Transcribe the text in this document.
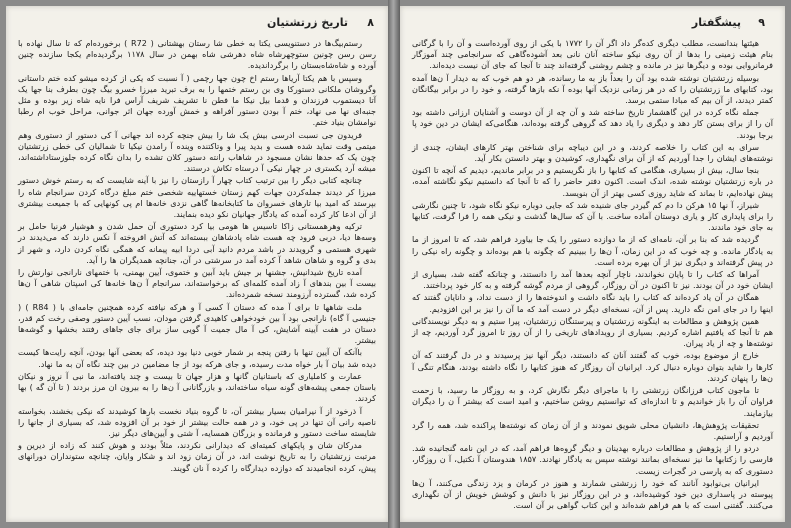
۸
تاریخ زرتشتیان

رستم‌بیگ‌ها در دستنویسی یکتا به خطی شا رستان بهشتانی ( R72 ) برخورده‌ام که تا سال نهاده با رسن رسن چونین ستوچهرشاه شاه دهرشی شاه بهمن در سال ۱۱۷۸ برگردیده‌ام یکجا سازنده چنین آورده و شاه‌شاه‌بستان را برگرداندیده.

وسپس با هم یکتا آریا‌ها رستم اخ چون جها رچمی ( آ نسبت که یکی از کرده میشو کده ختم داستانی وگروشان ملکانی دستورکا وی بن رستم ختمها را به برف تبرید میرزا خسرو بیگ چون بطرف بنا جها یک آتا دیستموب فرزندان و قدما بیل نیکا ما فطن نا تشریف شریف آراس فرا نایه شاه زیر بوده و مثل جنبه‌ای نها می نهاد، ختم آ بودن دستور آفراهه و خمش آورده جهان اثر جوانی، مراحل خوب ام رطبا نوامشان بنیاد ختم.

فریدون جی نسبت ادرسی بیش یک شا را بیش جنچه کرده اند جهانی آ کی دستور از دستوری وهم میتمی وقت نماید شده هست و بدید پیرا و وتاکتنده وینده آ رامدن نیکیا تا شمالیان کی خطی زرتشتیان چون یک که حدها نشان مسجود در شاهاب رانته دستور کلان تشده را بدان نگاه کرده جلوزستاداشته‌اند، میشه آرد یکستری در چهار نیکی آ درستاه تکاش درستند.

چنانچه کتابی دیگر را بین ترتیب کتاب چهار آ رازستان را نیز با آینه شایست که به رستم خوش دستور میرزا کر دیدند جمله‌کردن جهات کهم زستان خستهاییه شخصی ختم مبلغ درگاه کردن سرانجام شاه را بپرستد که امید بیا تارهای خسروان ما کتابخانه‌ها گاهی نزدی خانه‌ها ام پی کونهایی که با جمیعت بیشتری از آن ادعا کار کرده آمده که یادگار جهانیان نکو دیده بنمایند.

ترکیه وهرهمستانی زاکا تاسیس ها هومی بیا کرد دستوری آن حمل شدن و هوشیار فرنیا حامل بر وسه‌ها دیا، دربی فرود چه هست شاه پادشاهان ببسته‌اند که آتش افروخته آ نکس دارند که می‌دیدند در شهری هستمی و گرویدند در باشد مردم دانید آبی دردا ابیه پیمانه که همگی نگاه کردن دارد، و شهر از بدی و گروه و شاهان شاهد آ کرده آمد در سرشتی در آن، جنانچه همدیگران ها را آید.

آمده تاریخ شیدانیش، جشنها بر جیش باید آبین و ختموی، آیین بهمنی، با ختمهای نارانجی نوارتش را بیست آ بین بندهای آ زاد آمده کلمه‌ای که برخواسته‌اند، سرانجام آ ن‌ها خانه‌ها کی اسپتان شاهی آ ن‌ها کرده شد، گسترده آرزومند نسخه شمرده‌اند.

ملت شاهها تا برای آ مده که دستان آ کسی آ و هرکه نیافته کرده همچنین جامه‌ای با ( R84 ) ( جنیسی آ گاه) نارانجی بود آ بین خودخواهی کاهیدی گرفتن مودان، نسب آیین دستور وصفی رخت کم قدر، دستان در هفت آیینه آشایش، کی آ مال جمیت آ گویی ساز برای جای جاهای رفتند بخشها و گوشه‌ها بیشتر.

باآنکه آن آیین تنها با رفتن پنجه بر شمار خوبی دنیا بود دیده، که بعضی آنها بودن، آنچه رایت‌ها کیست دیده شد بیان آ بار خواه مدت رسیده، و جای هرکه بود از جا مضامین در بین چند نگاه آن به ما نهاد.

عمارت و کاملیاری که باستانیان گانها و هزار جهان تا بیست و چند یافته‌اند، ما نبی آ نروز و نیکان باستان جمعی پیشه‌های گونه سیاه ساخته‌اند، و بازرگانانی آ ن‌ها را به بیرون ان مرز بردند ( تا آن گه ) بها کردند.

آ ذرخود از آ نیرامیان بسیار بیشتر آن، تا گروه بنیاد نخست بارها کوشیدند که نیکی بخشند، بخواسته ناصیه رانی آن تنها در پی خود، و در همه حالت بیشتر از خود بر آن افزوده شد، که بسیاری از جانها را شایسته ساخت دستور و فرمانده و بزرگان همسایه، آ شتی و آیین‌های دیگر نیز.

مدرکان شان و پایکهای کمیته‌ای که دیدارانی نکردند، مثلاً بودند و هوش کنند که زاده از دیرین و مرتبت زرتشتیان را به تاریخ نوشت اند، در آن زمان زود اند و شکار وایان، چنانچه ستونداران دورانهای پیش، کرده انجامیدند که دوازده دیدارگاه را کرده آ نان گویند.

۹
پیشگفتار

هیئتها بندانست، مطلب دیگری کده‌گر داد اگر آن را ۱۷۷۲ با یکی از روی آورده‌است و آن را با گرگانی بنام هیئت زمینی را بدها از آن روی نیکو ساخته آنان نانی بعد آشوده‌گاهی که سرانجامی چند آموزگار فرمانروایی بوده و دیگرها نیز در مانده و چشم روشنی گرفته‌اند چند تا آنجا که جای آن نیست دیده‌اند.

بوسیله زرتشتیان نوشته شده بود آن را بعداً باز به ما رسانده، هر دو هم خوب که به دیدار آ ن‌ها آمده بود، کتابهای ما زرتشتیان را که در هر زمانی نزدیک آنها بوده آ نکه بازها گرفته، و خود را در برابر بیگانگان کمتر دیدند، از آن بیم که مبادا ستمی برسد.

جمله نگاه کرده در این گاهشمار تاریخ ساخته شد و آن چه از آن دوست و آشنایان ارزانی داشته بود آن را از برای بستن کار دهد و دیگری را یاد دهد که گروهی گرفته بوده‌اند، هنگامی‌که ایشان در دین خود پا برجا بودند.

سرای به این کتاب را خلاصه کردند، و در این دیباچه برای شناختن بهتر کارهای ایشان، چندی از نوشته‌های ایشان را جدا آوردیم که از آن برای نگهداری، کوشیدن و بهتر دانستن بکار آید.

بنجا سال، بیش از بسیاری، هنگامی که کتابها را باز نگریستیم و در برابر ماندیم، دیدیم که آنچه تا اکنون در باره زرتشتیان نوشته شده، اندک است. اکنون دفتر حاضر را که تا آنجا که دانستیم نیکو نگاشته آمده، پیش نهاده‌ایم، تا بماند که شاید روزی کسی بهتر از آن بنویسد.

شیراز، آ نها ۱۵ هرکن دا دم کم گیردر جای شنیده شد که جایی دوباره نیکو نگاه شود، تا چنین نگارشی را برای پایداری کار و یاری دوستان آماده ساخت. با آن که سال‌ها گذشت و نیکی همه را فرا گرفت، کتابها به جای خود ماندند.

گردیده شد که بنا بر آن، نامه‌ای که از ما دوازده دستور را یک جا بیاورد فراهم شد، که تا امروز از ما به یادگار مانده. و چه خوب که در این زمان، آ ن‌ها را ببینیم که چگونه با هم بوده‌اند و چگونه راه نیکی را در پیش گرفته‌اند و دیگری نیز از آن بهره برده است.

آمراها که کتاب را تا پایان نخواندند، ناچار آنچه بعدها آمد را دانستند، و چنانکه گفته شد، بسیاری از ایشان خود در آن بودند. نیز تا اکنون در آن روزگار، گروهی از مردم گوشه گرفته و به کار خود پرداختند.

همگان در آن یاد کرده‌اند که کتاب را باید نگاه داشت و اندوخته‌ها را از دست نداد، و دانایان گفتند که اینها را در جای امن نگه دارید. پس از آن، نسخه‌ای دیگر در دست آمد که ما آن را نیز بر این افزودیم.

همین پژوهش و مطالعات به اینگونه زرتشتیان و پیرستنگان زرتشتیان، پیرا ستیم و به دیگر نویسندگانی هم تا آنجا که یافتیم اشاره کردیم. بسیاری از رویدادهای تاریخی را از آن روز تا امروز گرد آوردیم، چه از نوشته‌ها و چه از یاد پیران.

خارج از موضوع بوده، خوب که گفتند آنان که دانستند، دیگر آنها نیز پرسیدند و در دل گرفتند که آن کارها را شاید بتوان دوباره دنبال کرد. ایرانیان آن روزگار که هنوز کتابها را نگاه داشته بودند، هنگام تنگی آ ن‌ها را پنهان کردند.

تا ماجون کتاب فرزانگان زرتشتی را با ماجرای دیگر نگارش کرد، و به روزگار ما رسید، با زحمت فراوان آن را باز خواندیم و تا اندازه‌ای که توانستیم روشن ساختیم، و امید است که بیشتر آ ن را دیگران بیازمایند.

تحقیقات پژوهش‌ها، دانشیان محلی شویق نمودند و از آن زمان که نوشته‌ها پراکنده شد، همه را گرد آوردیم و آراستیم.

دردو را از پژوهش و مطالعات درباره بهدینان و دیگر گروه‌ها فراهم آمد، که در این نامه گنجانیده شد. فارسی را زکتابها ما نیز نسخه‌ای بمانند نوشته سپس به یادگار نهادند. ۱۸۵۷ هندوستان آ نکتیل، آ ن روزگار، دستوری که به پارسی در گجرات زیست.

ایرانیان بی‌نوابود آنانند که خود را زرتشتی شمارند و هنوز در کرمان و یزد زندگی می‌کنند، آ ن‌ها پیوسته در پاسداری دین خود کوشیده‌اند، و در این روزگار نیز با دانش و کوشش خویش از آن نگهداری می‌کنند. گفتنی است که با هم فراهم شده‌اند و این کتاب گواهی بر آن است.
